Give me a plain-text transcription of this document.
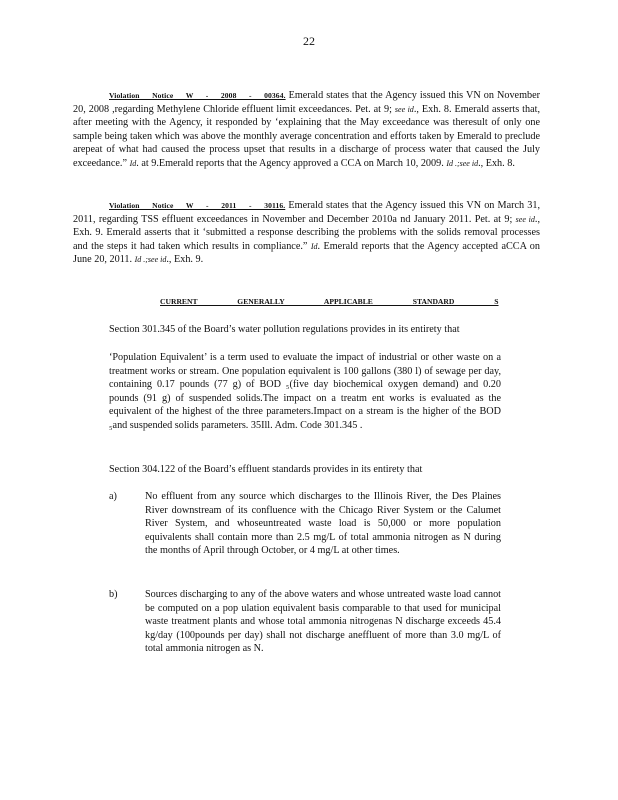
22
Violation Notice W - 2008 - 00364. Emerald states that the Agency issued this VN on November 20, 2008 ,regarding Methylene Chloride effluent limit exceedances. Pet. at 9; see id., Exh. 8. Emerald asserts that, after meeting with the Agency, it responded by ‘explaining that the May exceedance was theresult of only one sample being taken which was above the monthly average concentration and efforts taken by Emerald to preclude arepeat of what had caused the process upset that results in a discharge of process water that caused the July exceedance.” Id. at 9.Emerald reports that the Agency approved a CCA on March 10, 2009. Id .;see id., Exh. 8.
Violation Notice W - 2011 - 30116. Emerald states that the Agency issued this VN on March 31, 2011, regarding TSS effluent exceedances in November and December 2010a nd January 2011. Pet. at 9; see id., Exh. 9. Emerald asserts that it ‘submitted a response describing the problems with the solids removal processes and the steps it had taken which results in compliance.” Id. Emerald reports that the Agency accepted aCCA on June 20, 2011. Id .;see id., Exh. 9.
CURRENT GENERALLY APPLICABLE STANDARD S
Section 301.345 of the Board’s water pollution regulations provides in its entirety that
‘Population Equivalent’ is a term used to evaluate the impact of industrial or other waste on a treatment works or stream. One population equivalent is 100 gallons (380 l) of sewage per day, containing 0.17 pounds (77 g) of BOD ₅(five day biochemical oxygen demand) and 0.20 pounds (91 g) of suspended solids.The impact on a treatm ent works is evaluated as the equivalent of the highest of the three parameters.Impact on a stream is the higher of the BOD ₅and suspended solids parameters. 35Ill. Adm. Code 301.345 .
Section 304.122 of the Board’s effluent standards provides in its entirety that
a)	No effluent from any source which discharges to the Illinois River, the Des Plaines River downstream of its confluence with the Chicago River System or the Calumet River System, and whoseuntreated waste load is 50,000 or more population equivalents shall contain more than 2.5 mg/L of total ammonia nitrogen as N during the months of April through October, or 4 mg/L at other times.
b)	Sources discharging to any of the above waters and whose untreated waste load cannot be computed on a pop ulation equivalent basis comparable to that used for municipal waste treatment plants and whose total ammonia nitrogenas N discharge exceeds 45.4 kg/day (100pounds per day) shall not discharge aneffluent of more than 3.0 mg/L of total ammonia nitrogen as N.
